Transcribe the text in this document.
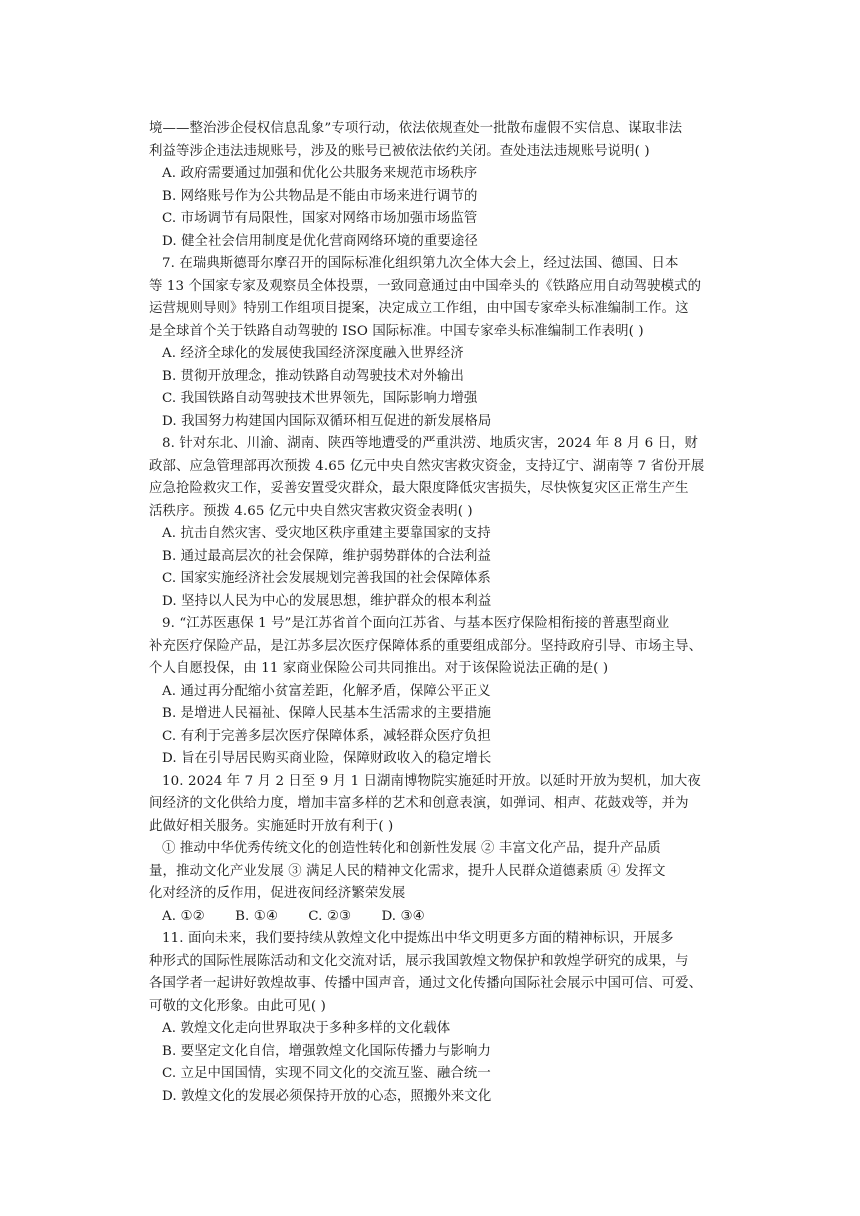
境——整治涉企侵权信息乱象”专项行动，依法依规查处一批散布虚假不实信息、谋取非法
利益等涉企违法违规账号，涉及的账号已被依法依约关闭。查处违法违规账号说明( )
A. 政府需要通过加强和优化公共服务来规范市场秩序
B. 网络账号作为公共物品是不能由市场来进行调节的
C. 市场调节有局限性，国家对网络市场加强市场监管
D. 健全社会信用制度是优化营商网络环境的重要途径
7. 在瑞典斯德哥尔摩召开的国际标准化组织第九次全体大会上，经过法国、德国、日本
等 13 个国家专家及观察员全体投票，一致同意通过由中国牵头的《铁路应用自动驾驶模式的
运营规则导则》特别工作组项目提案，决定成立工作组，由中国专家牵头标准编制工作。这
是全球首个关于铁路自动驾驶的 ISO 国际标准。中国专家牵头标准编制工作表明( )
A. 经济全球化的发展使我国经济深度融入世界经济
B. 贯彻开放理念，推动铁路自动驾驶技术对外输出
C. 我国铁路自动驾驶技术世界领先，国际影响力增强
D. 我国努力构建国内国际双循环相互促进的新发展格局
8. 针对东北、川渝、湖南、陕西等地遭受的严重洪涝、地质灾害，2024 年 8 月 6 日，财
政部、应急管理部再次预拨 4.65 亿元中央自然灾害救灾资金，支持辽宁、湖南等 7 省份开展
应急抢险救灾工作，妥善安置受灾群众，最大限度降低灾害损失，尽快恢复灾区正常生产生
活秩序。预拨 4.65 亿元中央自然灾害救灾资金表明( )
A. 抗击自然灾害、受灾地区秩序重建主要靠国家的支持
B. 通过最高层次的社会保障，维护弱势群体的合法利益
C. 国家实施经济社会发展规划完善我国的社会保障体系
D. 坚持以人民为中心的发展思想，维护群众的根本利益
9. “江苏医惠保 1 号”是江苏省首个面向江苏省、与基本医疗保险相衔接的普惠型商业
补充医疗保险产品，是江苏多层次医疗保障体系的重要组成部分。坚持政府引导、市场主导、
个人自愿投保，由 11 家商业保险公司共同推出。对于该保险说法正确的是( )
A. 通过再分配缩小贫富差距，化解矛盾，保障公平正义
B. 是增进人民福祉、保障人民基本生活需求的主要措施
C. 有利于完善多层次医疗保障体系，减轻群众医疗负担
D. 旨在引导居民购买商业险，保障财政收入的稳定增长
10. 2024 年 7 月 2 日至 9 月 1 日湖南博物院实施延时开放。以延时开放为契机，加大夜
间经济的文化供给力度，增加丰富多样的艺术和创意表演，如弹词、相声、花鼓戏等，并为
此做好相关服务。实施延时开放有利于( )
① 推动中华优秀传统文化的创造性转化和创新性发展 ② 丰富文化产品，提升产品质
量，推动文化产业发展 ③ 满足人民的精神文化需求，提升人民群众道德素质 ④ 发挥文
化对经济的反作用，促进夜间经济繁荣发展
A. ①② B. ①④ C. ②③ D. ③④
11. 面向未来，我们要持续从敦煌文化中提炼出中华文明更多方面的精神标识，开展多
种形式的国际性展陈活动和文化交流对话，展示我国敦煌文物保护和敦煌学研究的成果，与
各国学者一起讲好敦煌故事、传播中国声音，通过文化传播向国际社会展示中国可信、可爱、
可敬的文化形象。由此可见( )
A. 敦煌文化走向世界取决于多种多样的文化载体
B. 要坚定文化自信，增强敦煌文化国际传播力与影响力
C. 立足中国国情，实现不同文化的交流互鉴、融合统一
D. 敦煌文化的发展必须保持开放的心态，照搬外来文化
